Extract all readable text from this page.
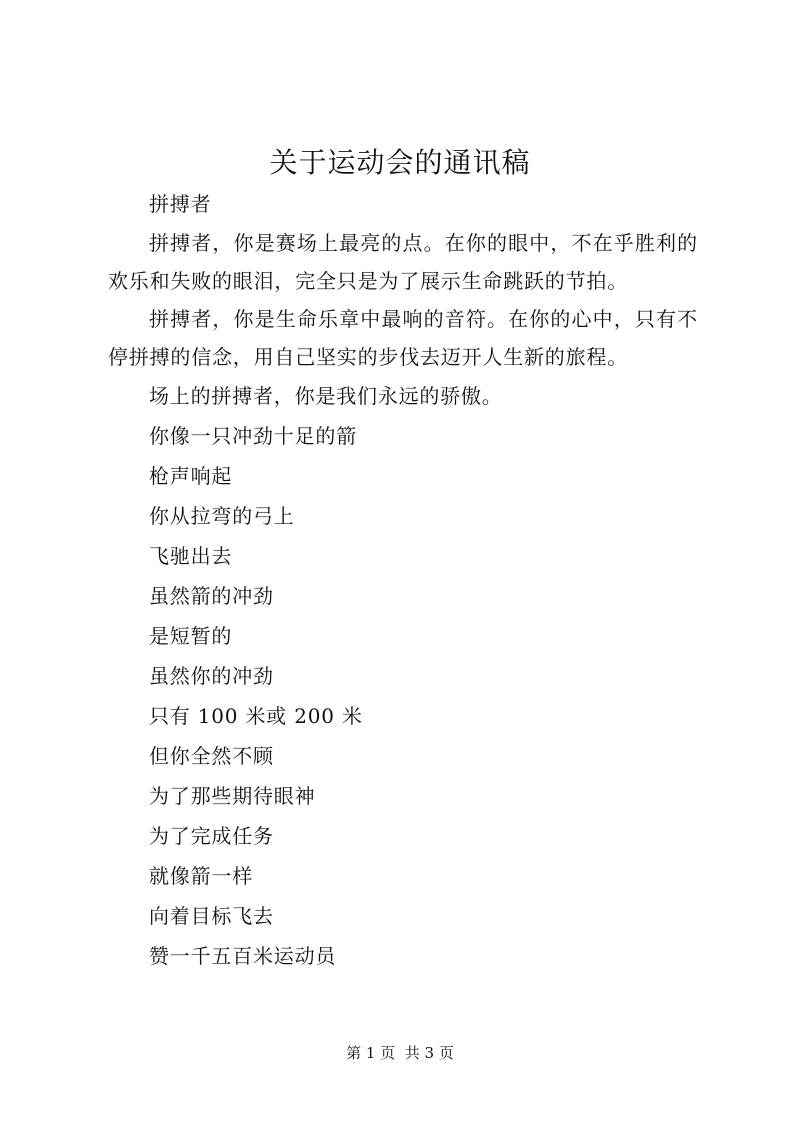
关于运动会的通讯稿

拼搏者

拼搏者，你是赛场上最亮的点。在你的眼中，不在乎胜利的欢乐和失败的眼泪，完全只是为了展示生命跳跃的节拍。

拼搏者，你是生命乐章中最响的音符。在你的心中，只有不停拼搏的信念，用自己坚实的步伐去迈开人生新的旅程。

场上的拼搏者，你是我们永远的骄傲。

你像一只冲劲十足的箭

枪声响起

你从拉弯的弓上

飞驰出去

虽然箭的冲劲

是短暂的

虽然你的冲劲

只有 100 米或 200 米

但你全然不顾

为了那些期待眼神

为了完成任务

就像箭一样

向着目标飞去

赞一千五百米运动员

第 1 页  共 3 页
